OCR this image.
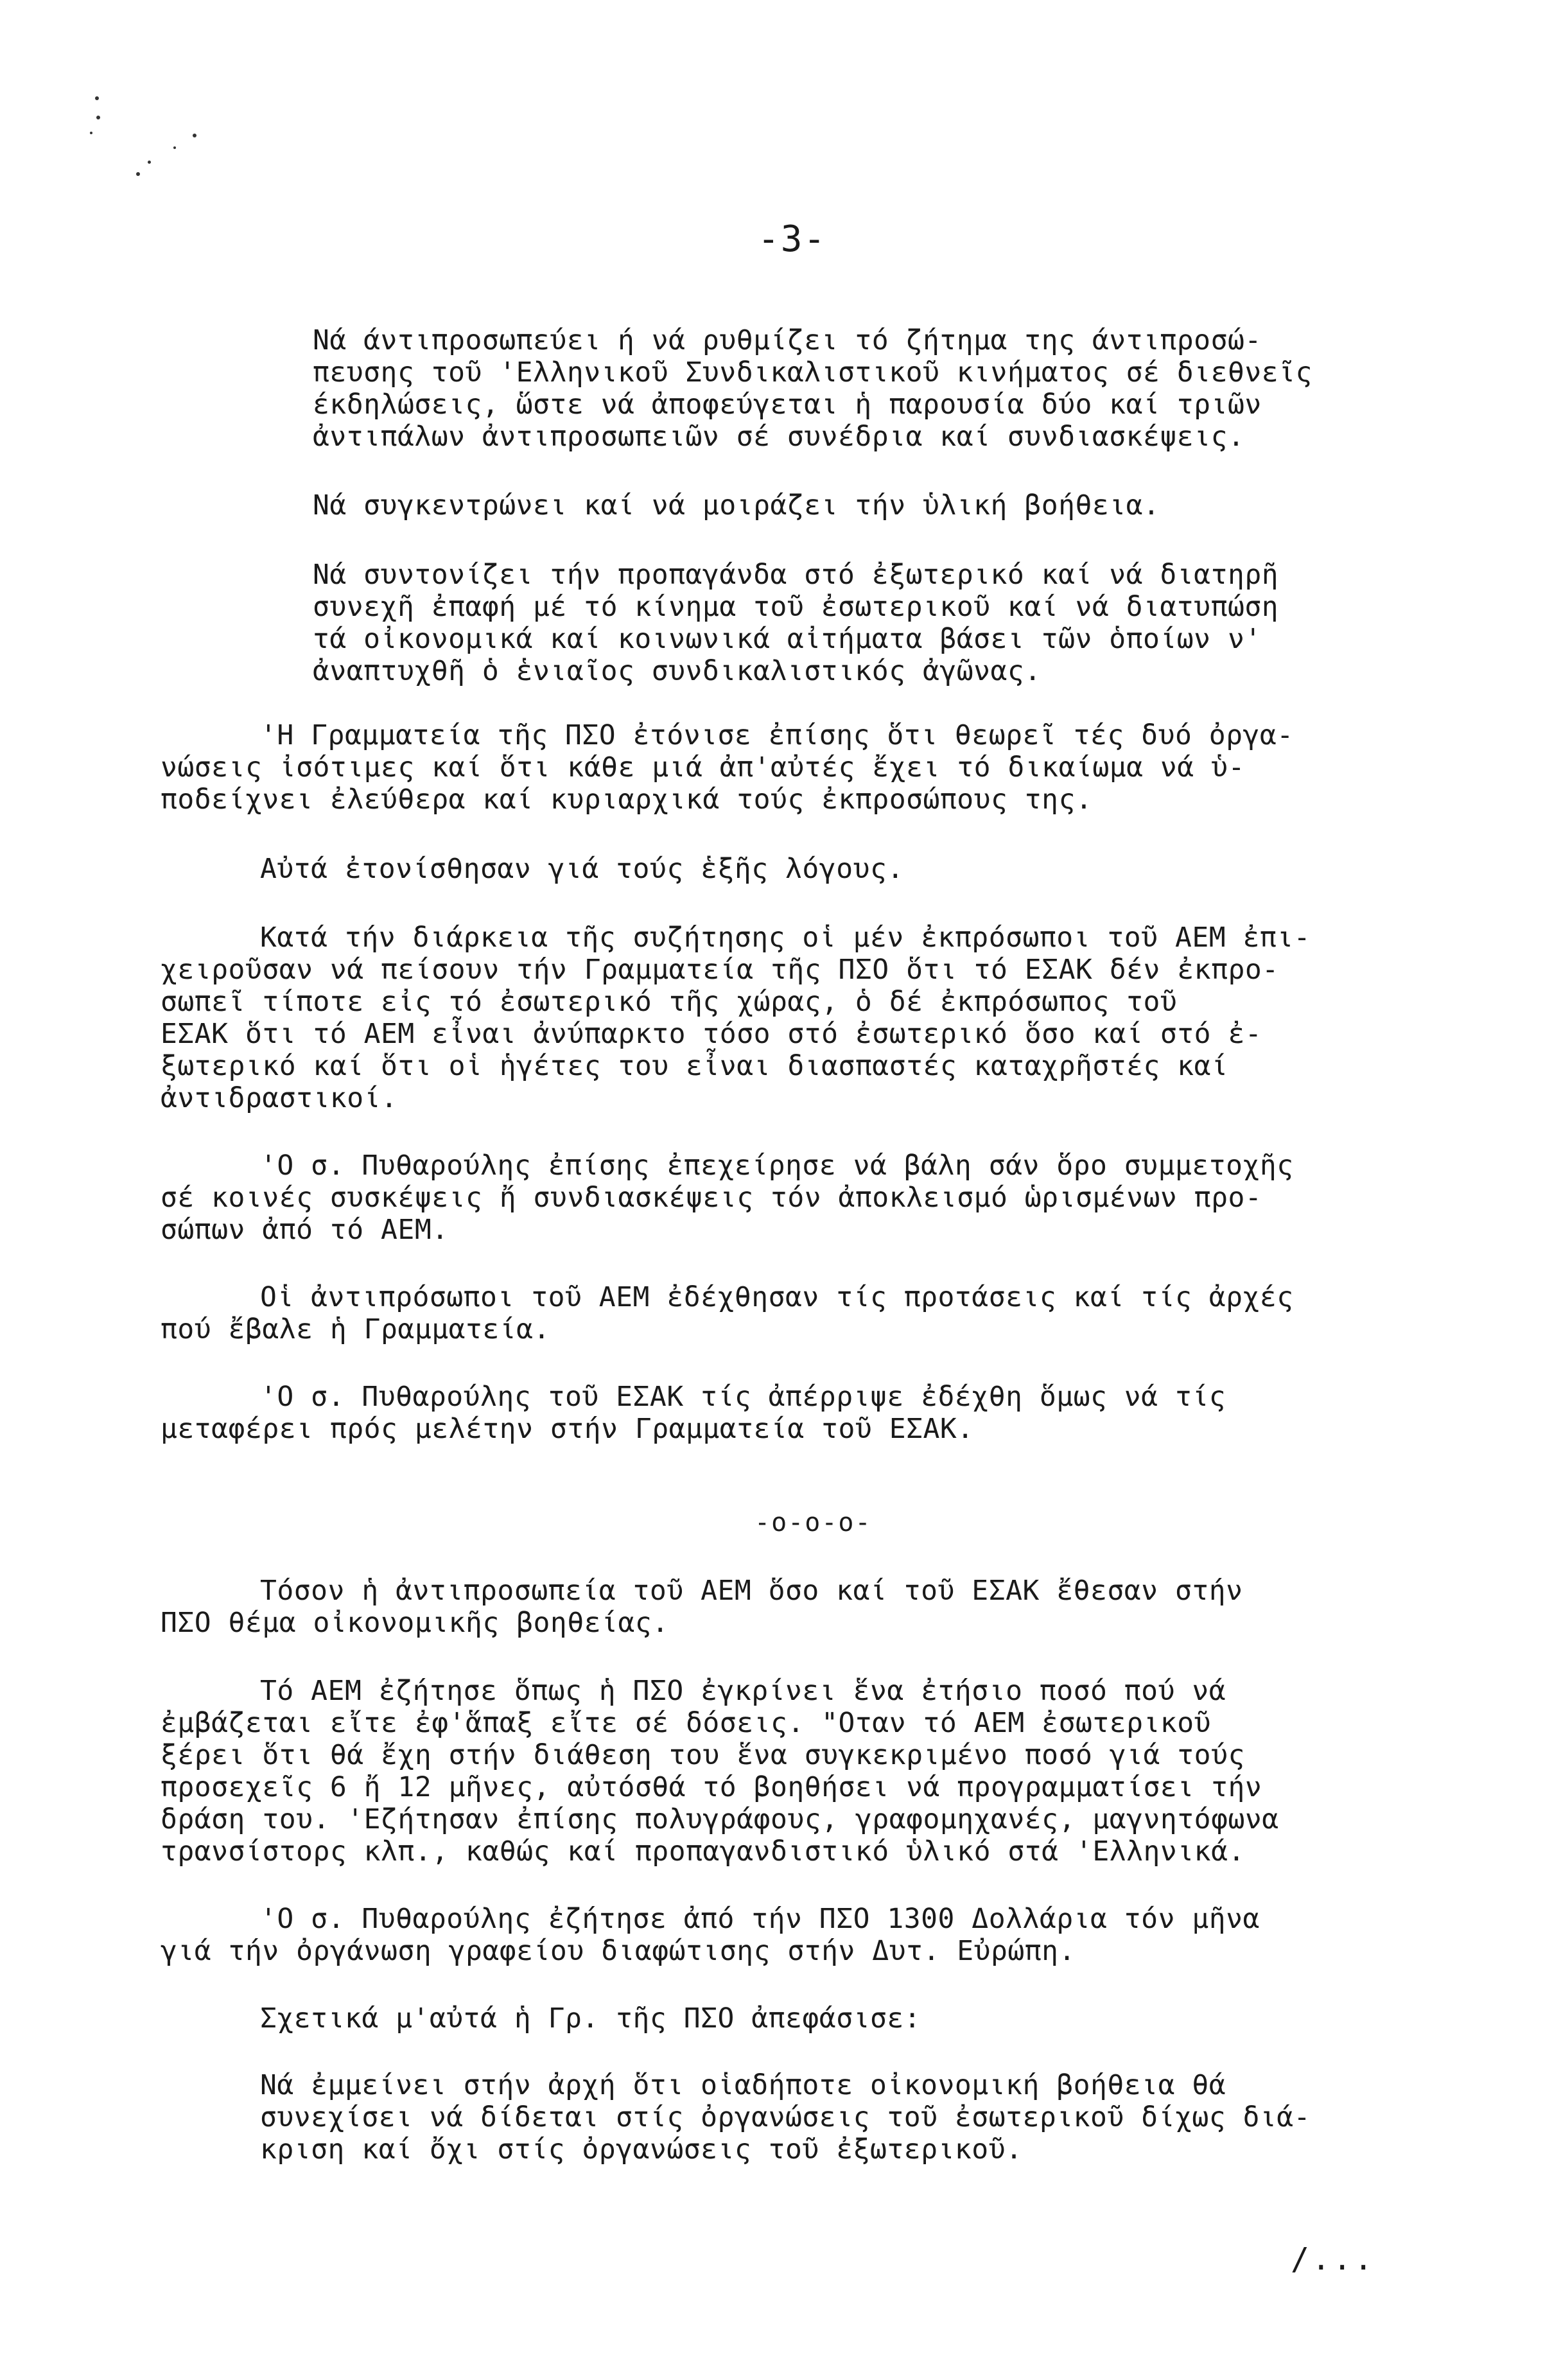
-3-
Νά άντιπροσωπεύει ή νά ρυθμίζει τό ζήτημα της άντιπροσώ-
πευσης τοῦ 'Ελληνικοῦ Συνδικαλιστικοῦ κινήματος σέ διεθνεῖς
έκδηλώσεις, ὥστε νά ἀποφεύγεται ἡ παρουσία δύο καί τριῶν
ἀντιπάλων ἀντιπροσωπειῶν σέ συνέδρια καί συνδιασκέψεις.
Νά συγκεντρώνει καί νά μοιράζει τήν ὑλική βοήθεια.
Νά συντονίζει τήν προπαγάνδα στό ἐξωτερικό καί νά διατηρῆ
συνεχῆ ἐπαφή μέ τό κίνημα τοῦ ἐσωτερικοῦ καί νά διατυπώση
τά οἰκονομικά καί κοινωνικά αἰτήματα βάσει τῶν ὁποίων ν'
ἀναπτυχθῆ ὁ ἑνιαῖος συνδικαλιστικός ἀγῶνας.
'Η Γραμματεία τῆς ΠΣΟ ἐτόνισε ἐπίσης ὅτι θεωρεῖ τές δυό ὀργα-
νώσεις ἰσότιμες καί ὅτι κάθε μιά ἀπ'αὐτές ἔχει τό δικαίωμα νά ὑ-
ποδείχνει ἐλεύθερα καί κυριαρχικά τούς ἐκπροσώπους της.
Αὐτά ἐτονίσθησαν γιά τούς ἑξῆς λόγους.
Κατά τήν διάρκεια τῆς συζήτησης οἱ μέν ἐκπρόσωποι τοῦ ΑΕΜ ἐπι-
χειροῦσαν νά πείσουν τήν Γραμματεία τῆς ΠΣΟ ὅτι τό ΕΣΑΚ δέν ἐκπρο-
σωπεῖ τίποτε εἰς τό ἐσωτερικό τῆς χώρας, ὁ δέ ἐκπρόσωπος τοῦ
ΕΣΑΚ ὅτι τό ΑΕΜ εἶναι ἀνύπαρκτο τόσο στό ἐσωτερικό ὅσο καί στό ἐ-
ξωτερικό καί ὅτι οἱ ἡγέτες του εἶναι διασπαστές καταχρῆστές καί
ἀντιδραστικοί.
'Ο σ. Πυθαρούλης ἐπίσης ἐπεχείρησε νά βάλη σάν ὅρο συμμετοχῆς
σέ κοινές συσκέψεις ἤ συνδιασκέψεις τόν ἀποκλεισμό ὡρισμένων προ-
σώπων ἀπό τό ΑΕΜ.
Οἱ ἀντιπρόσωποι τοῦ ΑΕΜ ἐδέχθησαν τίς προτάσεις καί τίς ἀρχές
πού ἔβαλε ἡ Γραμματεία.
'Ο σ. Πυθαρούλης τοῦ ΕΣΑΚ τίς ἀπέρριψε ἐδέχθη ὅμως νά τίς
μεταφέρει πρός μελέτην στήν Γραμματεία τοῦ ΕΣΑΚ.
-o-o-o-
Τόσον ἡ ἀντιπροσωπεία τοῦ ΑΕΜ ὅσο καί τοῦ ΕΣΑΚ ἔθεσαν στήν
ΠΣΟ θέμα οἰκονομικῆς βοηθείας.
Τό ΑΕΜ ἐζήτησε ὅπως ἡ ΠΣΟ ἐγκρίνει ἕνα ἐτήσιο ποσό πού νά
ἐμβάζεται εἴτε ἐφ'ἅπαξ εἴτε σέ δόσεις. "Οταν τό ΑΕΜ ἐσωτερικοῦ
ξέρει ὅτι θά ἔχη στήν διάθεση του ἕνα συγκεκριμένο ποσό γιά τούς
προσεχεῖς 6 ἤ 12 μῆνες, αὐτόσθά τό βοηθήσει νά προγραμματίσει τήν
δράση του. 'Εζήτησαν ἐπίσης πολυγράφους, γραφομηχανές, μαγνητόφωνα
τρανσίστορς κλπ., καθώς καί προπαγανδιστικό ὑλικό στά 'Ελληνικά.
'Ο σ. Πυθαρούλης ἐζήτησε ἀπό τήν ΠΣΟ 1300 Δολλάρια τόν μῆνα
γιά τήν ὀργάνωση γραφείου διαφώτισης στήν Δυτ. Εὐρώπη.
Σχετικά μ'αὐτά ἡ Γρ. τῆς ΠΣΟ ἀπεφάσισε:
Νά ἐμμείνει στήν ἀρχή ὅτι οἱαδήποτε οἰκονομική βοήθεια θά
συνεχίσει νά δίδεται στίς ὀργανώσεις τοῦ ἐσωτερικοῦ δίχως διά-
κριση καί ὄχι στίς ὀργανώσεις τοῦ ἐξωτερικοῦ.
/...
